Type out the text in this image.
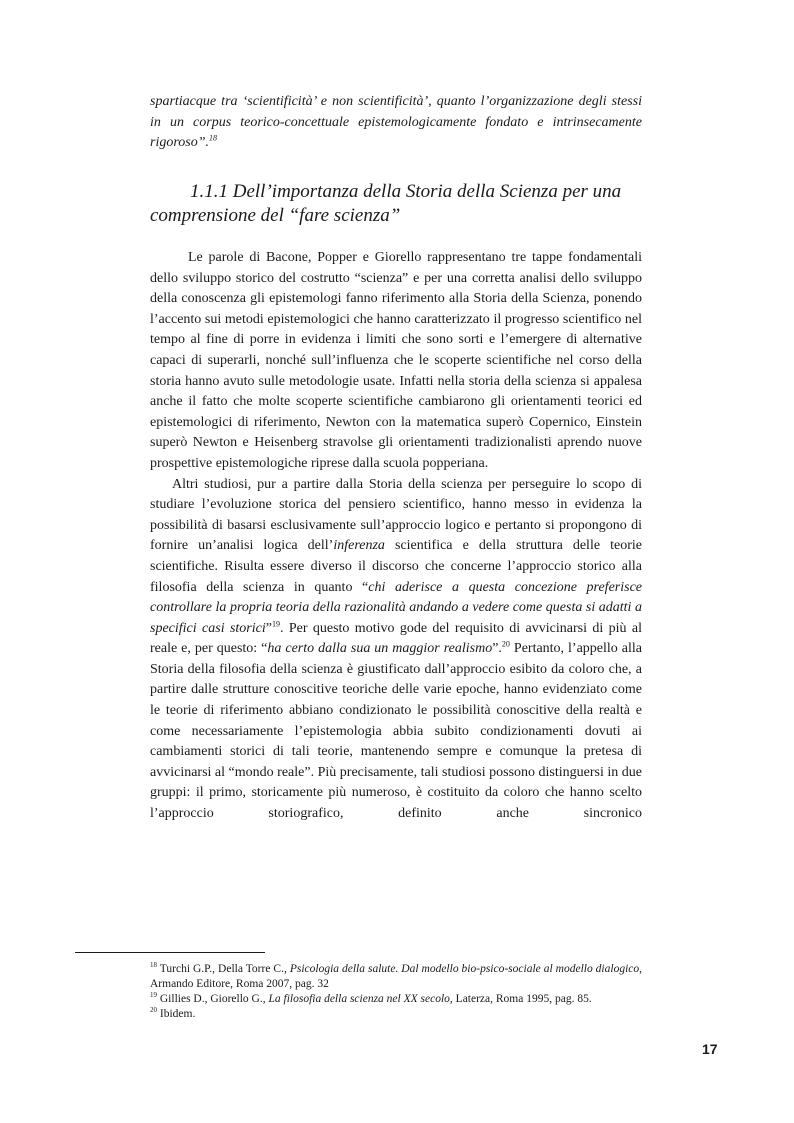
spartiacque tra ‘scientificità’ e non scientificità’, quanto l’organizzazione degli stessi in un corpus teorico-concettuale epistemologicamente fondato e intrinsecamente rigoroso”.$^{18}$
1.1.1 Dell’importanza della Storia della Scienza per una comprensione del “fare scienza”

Le parole di Bacone, Popper e Giorello rappresentano tre tappe fondamentali dello sviluppo storico del costrutto “scienza” e per una corretta analisi dello sviluppo della conoscenza gli epistemologi fanno riferimento alla Storia della Scienza, ponendo l’accento sui metodi epistemologici che hanno caratterizzato il progresso scientifico nel tempo al fine di porre in evidenza i limiti che sono sorti e l’emergere di alternative capaci di superarli, nonché sull’influenza che le scoperte scientifiche nel corso della storia hanno avuto sulle metodologie usate. Infatti nella storia della scienza si appalesa anche il fatto che molte scoperte scientifiche cambiarono gli orientamenti teorici ed epistemologici di riferimento, Newton con la matematica superò Copernico, Einstein superò Newton e Heisenberg stravolse gli orientamenti tradizionalisti aprendo nuove prospettive epistemologiche riprese dalla scuola popperiana.

Altri studiosi, pur a partire dalla Storia della scienza per perseguire lo scopo di studiare l’evoluzione storica del pensiero scientifico, hanno messo in evidenza la possibilità di basarsi esclusivamente sull’approccio logico e pertanto si propongono di fornire un’analisi logica dell’inferenza scientifica e della struttura delle teorie scientifiche. Risulta essere diverso il discorso che concerne l’approccio storico alla filosofia della scienza in quanto “chi aderisce a questa concezione preferisce controllare la propria teoria della razionalità andando a vedere come questa si adatti a specifici casi storici”$^{19}$. Per questo motivo gode del requisito di avvicinarsi di più al reale e, per questo: “ha certo dalla sua un maggior realismo”.$^{20}$ Pertanto, l’appello alla Storia della filosofia della scienza è giustificato dall’approccio esibito da coloro che, a partire dalle strutture conoscitive teoriche delle varie epoche, hanno evidenziato come le teorie di riferimento abbiano condizionato le possibilità conoscitive della realtà e come necessariamente l’epistemologia abbia subito condizionamenti dovuti ai cambiamenti storici di tali teorie, mantenendo sempre e comunque la pretesa di avvicinarsi al “mondo reale”. Più precisamente, tali studiosi possono distinguersi in due gruppi: il primo, storicamente più numeroso, è costituito da coloro che hanno scelto l’approccio storiografico, definito anche sincronico

$^{18}$ Turchi G.P., Della Torre C., Psicologia della salute. Dal modello bio-psico-sociale al modello dialogico, Armando Editore, Roma 2007, pag. 32

$^{19}$ Gillies D., Giorello G., La filosofia della scienza nel XX secolo, Laterza, Roma 1995, pag. 85.

$^{20}$ Ibidem.

17
